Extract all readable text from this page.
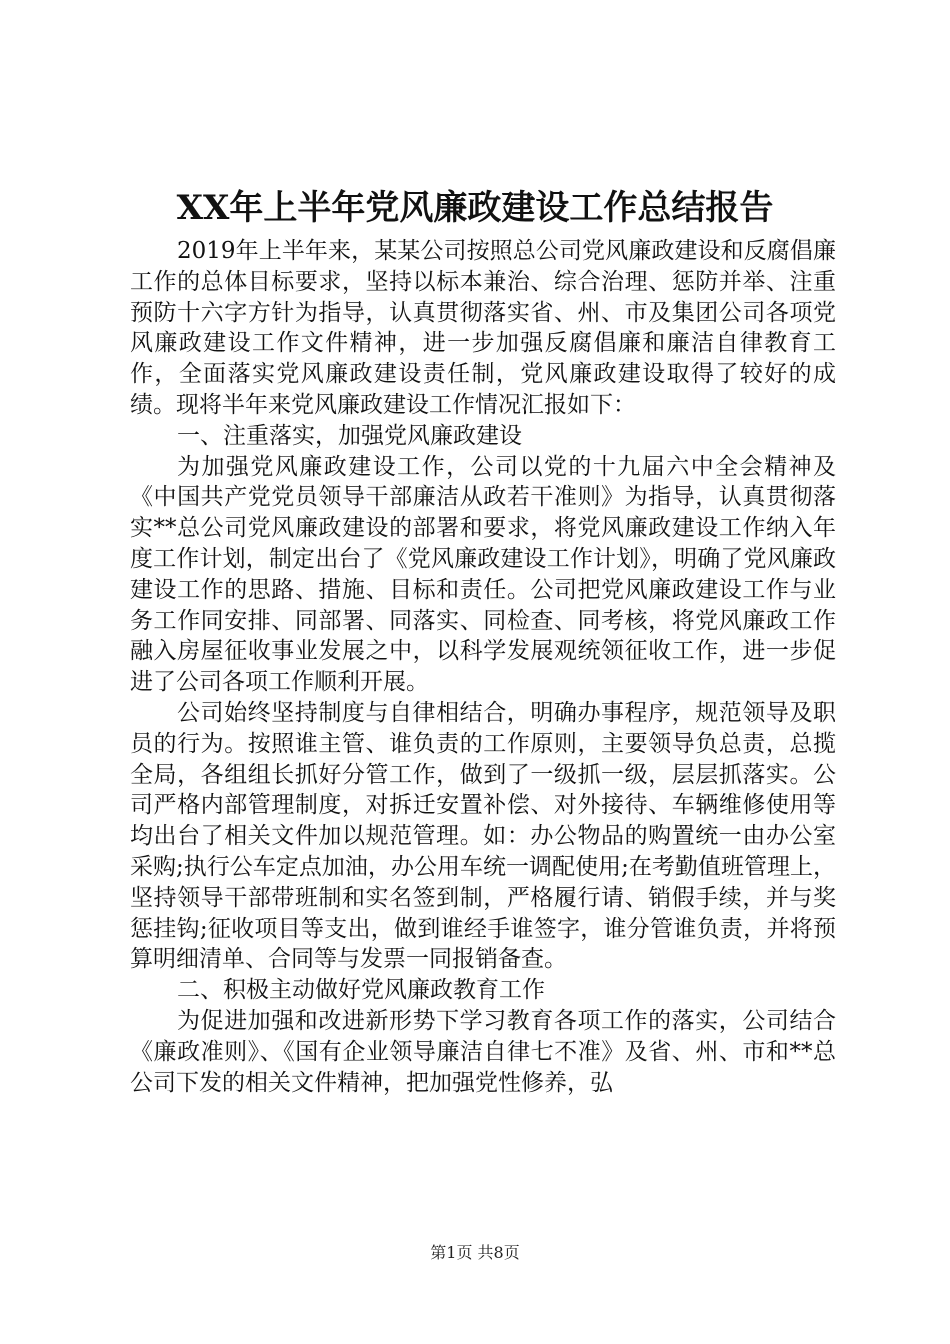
XX年上半年党风廉政建设工作总结报告

2019年上半年来，某某公司按照总公司党风廉政建设和反腐倡廉工作的总体目标要求，坚持以标本兼治、综合治理、惩防并举、注重预防十六字方针为指导，认真贯彻落实省、州、市及集团公司各项党风廉政建设工作文件精神，进一步加强反腐倡廉和廉洁自律教育工作，全面落实党风廉政建设责任制，党风廉政建设取得了较好的成绩。现将半年来党风廉政建设工作情况汇报如下：

一、注重落实，加强党风廉政建设

为加强党风廉政建设工作，公司以党的十九届六中全会精神及《中国共产党党员领导干部廉洁从政若干准则》为指导，认真贯彻落实**总公司党风廉政建设的部署和要求，将党风廉政建设工作纳入年度工作计划，制定出台了《党风廉政建设工作计划》，明确了党风廉政建设工作的思路、措施、目标和责任。公司把党风廉政建设工作与业务工作同安排、同部署、同落实、同检查、同考核，将党风廉政工作融入房屋征收事业发展之中，以科学发展观统领征收工作，进一步促进了公司各项工作顺利开展。

公司始终坚持制度与自律相结合，明确办事程序，规范领导及职员的行为。按照谁主管、谁负责的工作原则，主要领导负总责，总揽全局，各组组长抓好分管工作，做到了一级抓一级，层层抓落实。公司严格内部管理制度，对拆迁安置补偿、对外接待、车辆维修使用等均出台了相关文件加以规范管理。如：办公物品的购置统一由办公室采购;执行公车定点加油，办公用车统一调配使用;在考勤值班管理上，坚持领导干部带班制和实名签到制，严格履行请、销假手续，并与奖惩挂钩;征收项目等支出，做到谁经手谁签字，谁分管谁负责，并将预算明细清单、合同等与发票一同报销备查。

二、积极主动做好党风廉政教育工作

为促进加强和改进新形势下学习教育各项工作的落实，公司结合《廉政准则》、《国有企业领导廉洁自律七不准》及省、州、市和**总公司下发的相关文件精神，把加强党性修养，弘

第1页 共8页
